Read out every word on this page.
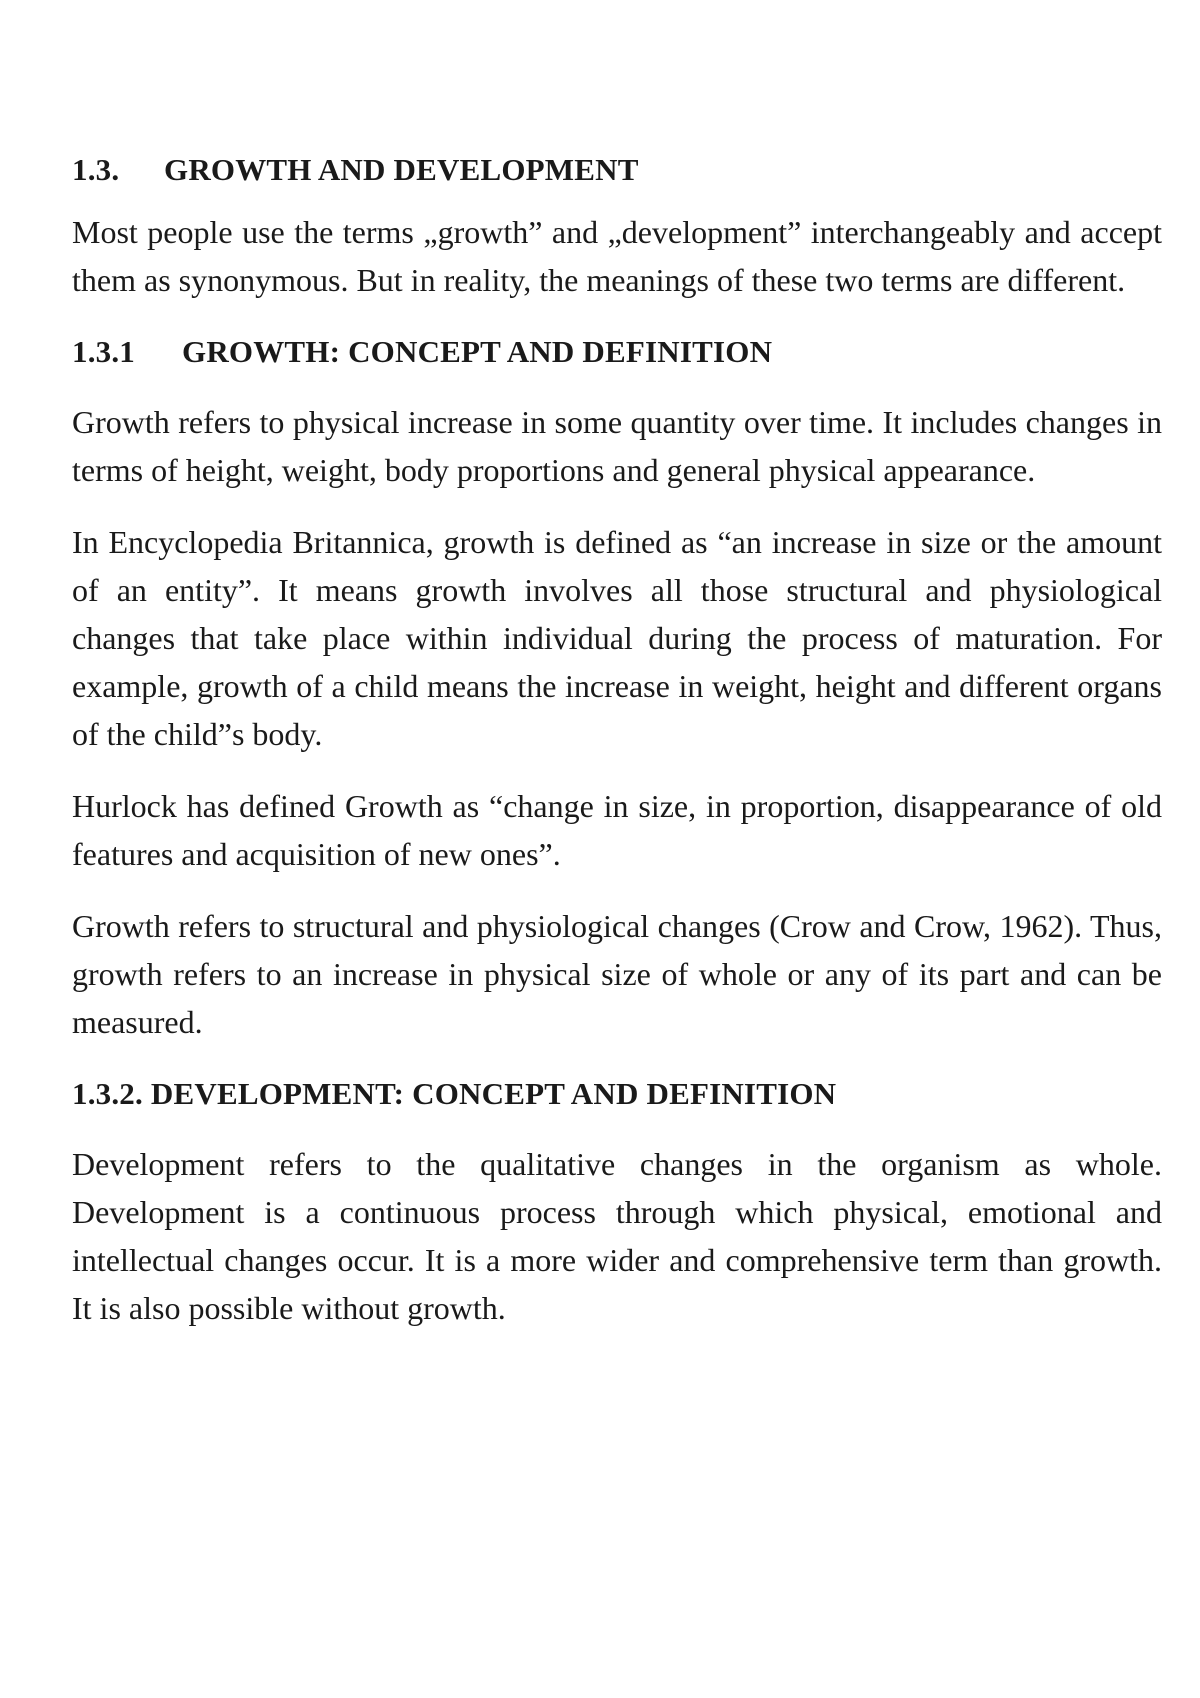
1.3. GROWTH AND DEVELOPMENT

Most people use the terms „growth” and „development” interchangeably and accept them as synonymous. But in reality, the meanings of these two terms are different.

1.3.1 GROWTH: CONCEPT AND DEFINITION

Growth refers to physical increase in some quantity over time. It includes changes in terms of height, weight, body proportions and general physical appearance.

In Encyclopedia Britannica, growth is defined as “an increase in size or the amount of an entity”. It means growth involves all those structural and physiological changes that take place within individual during the process of maturation. For example, growth of a child means the increase in weight, height and different organs of the child”s body.

Hurlock has defined Growth as “change in size, in proportion, disappearance of old features and acquisition of new ones”.

Growth refers to structural and physiological changes (Crow and Crow, 1962). Thus, growth refers to an increase in physical size of whole or any of its part and can be measured.

1.3.2. DEVELOPMENT: CONCEPT AND DEFINITION

Development refers to the qualitative changes in the organism as whole. Development is a continuous process through which physical, emotional and intellectual changes occur. It is a more wider and comprehensive term than growth. It is also possible without growth.
